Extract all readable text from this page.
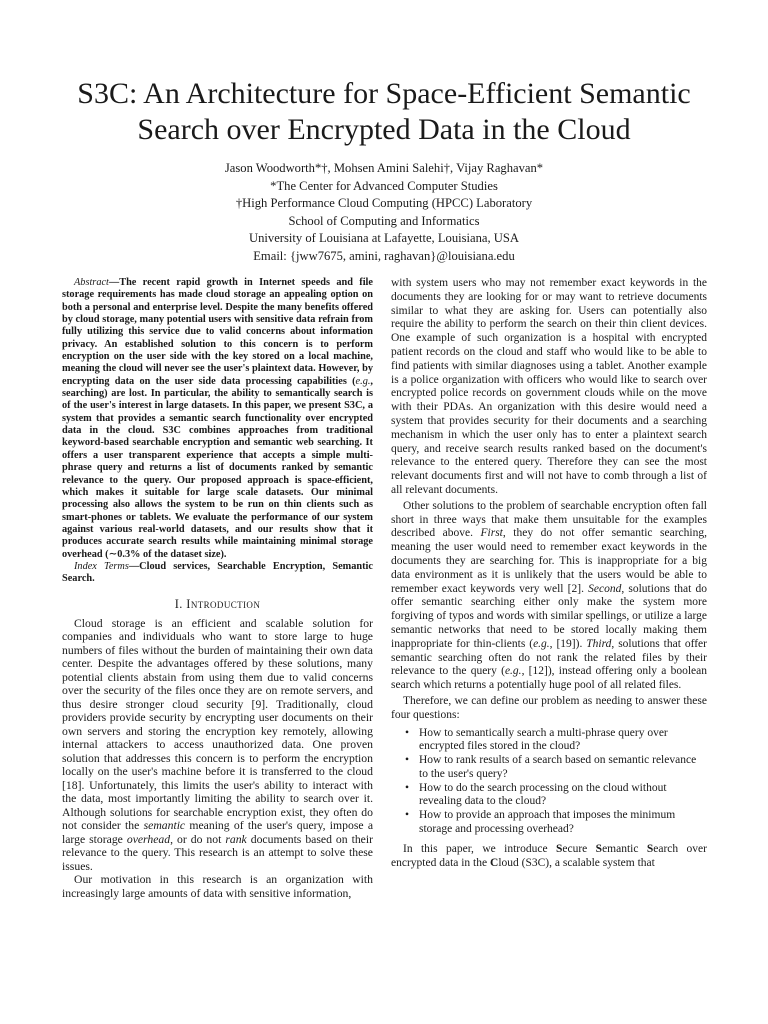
S3C: An Architecture for Space-Efficient Semantic
Search over Encrypted Data in the Cloud
Jason Woodworth*†, Mohsen Amini Salehi†, Vijay Raghavan*
*The Center for Advanced Computer Studies
†High Performance Cloud Computing (HPCC) Laboratory
School of Computing and Informatics
University of Louisiana at Lafayette, Louisiana, USA
Email: {jww7675, amini, raghavan}@louisiana.edu

Abstract—The recent rapid growth in Internet speeds and file storage requirements has made cloud storage an appealing option on both a personal and enterprise level. Despite the many benefits offered by cloud storage, many potential users with sensitive data refrain from fully utilizing this service due to valid concerns about information privacy. An established solution to this concern is to perform encryption on the user side with the key stored on a local machine, meaning the cloud will never see the user's plaintext data. However, by encrypting data on the user side data processing capabilities (e.g., searching) are lost. In particular, the ability to semantically search is of the user's interest in large datasets. In this paper, we present S3C, a system that provides a semantic search functionality over encrypted data in the cloud. S3C combines approaches from traditional keyword-based searchable encryption and semantic web searching. It offers a user transparent experience that accepts a simple multi-phrase query and returns a list of documents ranked by semantic relevance to the query. Our proposed approach is space-efficient, which makes it suitable for large scale datasets. Our minimal processing also allows the system to be run on thin clients such as smart-phones or tablets. We evaluate the performance of our system against various real-world datasets, and our results show that it produces accurate search results while maintaining minimal storage overhead (∼0.3% of the dataset size).

Index Terms—Cloud services, Searchable Encryption, Semantic Search.

I. Introduction

Cloud storage is an efficient and scalable solution for companies and individuals who want to store large to huge numbers of files without the burden of maintaining their own data center. Despite the advantages offered by these solutions, many potential clients abstain from using them due to valid concerns over the security of the files once they are on remote servers, and thus desire stronger cloud security [9]. Traditionally, cloud providers provide security by encrypting user documents on their own servers and storing the encryption key remotely, allowing internal attackers to access unauthorized data. One proven solution that addresses this concern is to perform the encryption locally on the user's machine before it is transferred to the cloud [18]. Unfortunately, this limits the user's ability to interact with the data, most importantly limiting the ability to search over it. Although solutions for searchable encryption exist, they often do not consider the semantic meaning of the user's query, impose a large storage overhead, or do not rank documents based on their relevance to the query. This research is an attempt to solve these issues.

Our motivation in this research is an organization with increasingly large amounts of data with sensitive information,

with system users who may not remember exact keywords in the documents they are looking for or may want to retrieve documents similar to what they are asking for. Users can potentially also require the ability to perform the search on their thin client devices. One example of such organization is a hospital with encrypted patient records on the cloud and staff who would like to be able to find patients with similar diagnoses using a tablet. Another example is a police organization with officers who would like to search over encrypted police records on government clouds while on the move with their PDAs. An organization with this desire would need a system that provides security for their documents and a searching mechanism in which the user only has to enter a plaintext search query, and receive search results ranked based on the document's relevance to the entered query. Therefore they can see the most relevant documents first and will not have to comb through a list of all relevant documents.

Other solutions to the problem of searchable encryption often fall short in three ways that make them unsuitable for the examples described above. First, they do not offer semantic searching, meaning the user would need to remember exact keywords in the documents they are searching for. This is inappropriate for a big data environment as it is unlikely that the users would be able to remember exact keywords very well [2]. Second, solutions that do offer semantic searching either only make the system more forgiving of typos and words with similar spellings, or utilize a large semantic networks that need to be stored locally making them inappropriate for thin-clients (e.g., [19]). Third, solutions that offer semantic searching often do not rank the related files by their relevance to the query (e.g., [12]), instead offering only a boolean search which returns a potentially huge pool of all related files.

Therefore, we can define our problem as needing to answer these four questions:

• How to semantically search a multi-phrase query over encrypted files stored in the cloud?
• How to rank results of a search based on semantic relevance to the user's query?
• How to do the search processing on the cloud without revealing data to the cloud?
• How to provide an approach that imposes the minimum storage and processing overhead?

In this paper, we introduce Secure Semantic Search over encrypted data in the Cloud (S3C), a scalable system that
